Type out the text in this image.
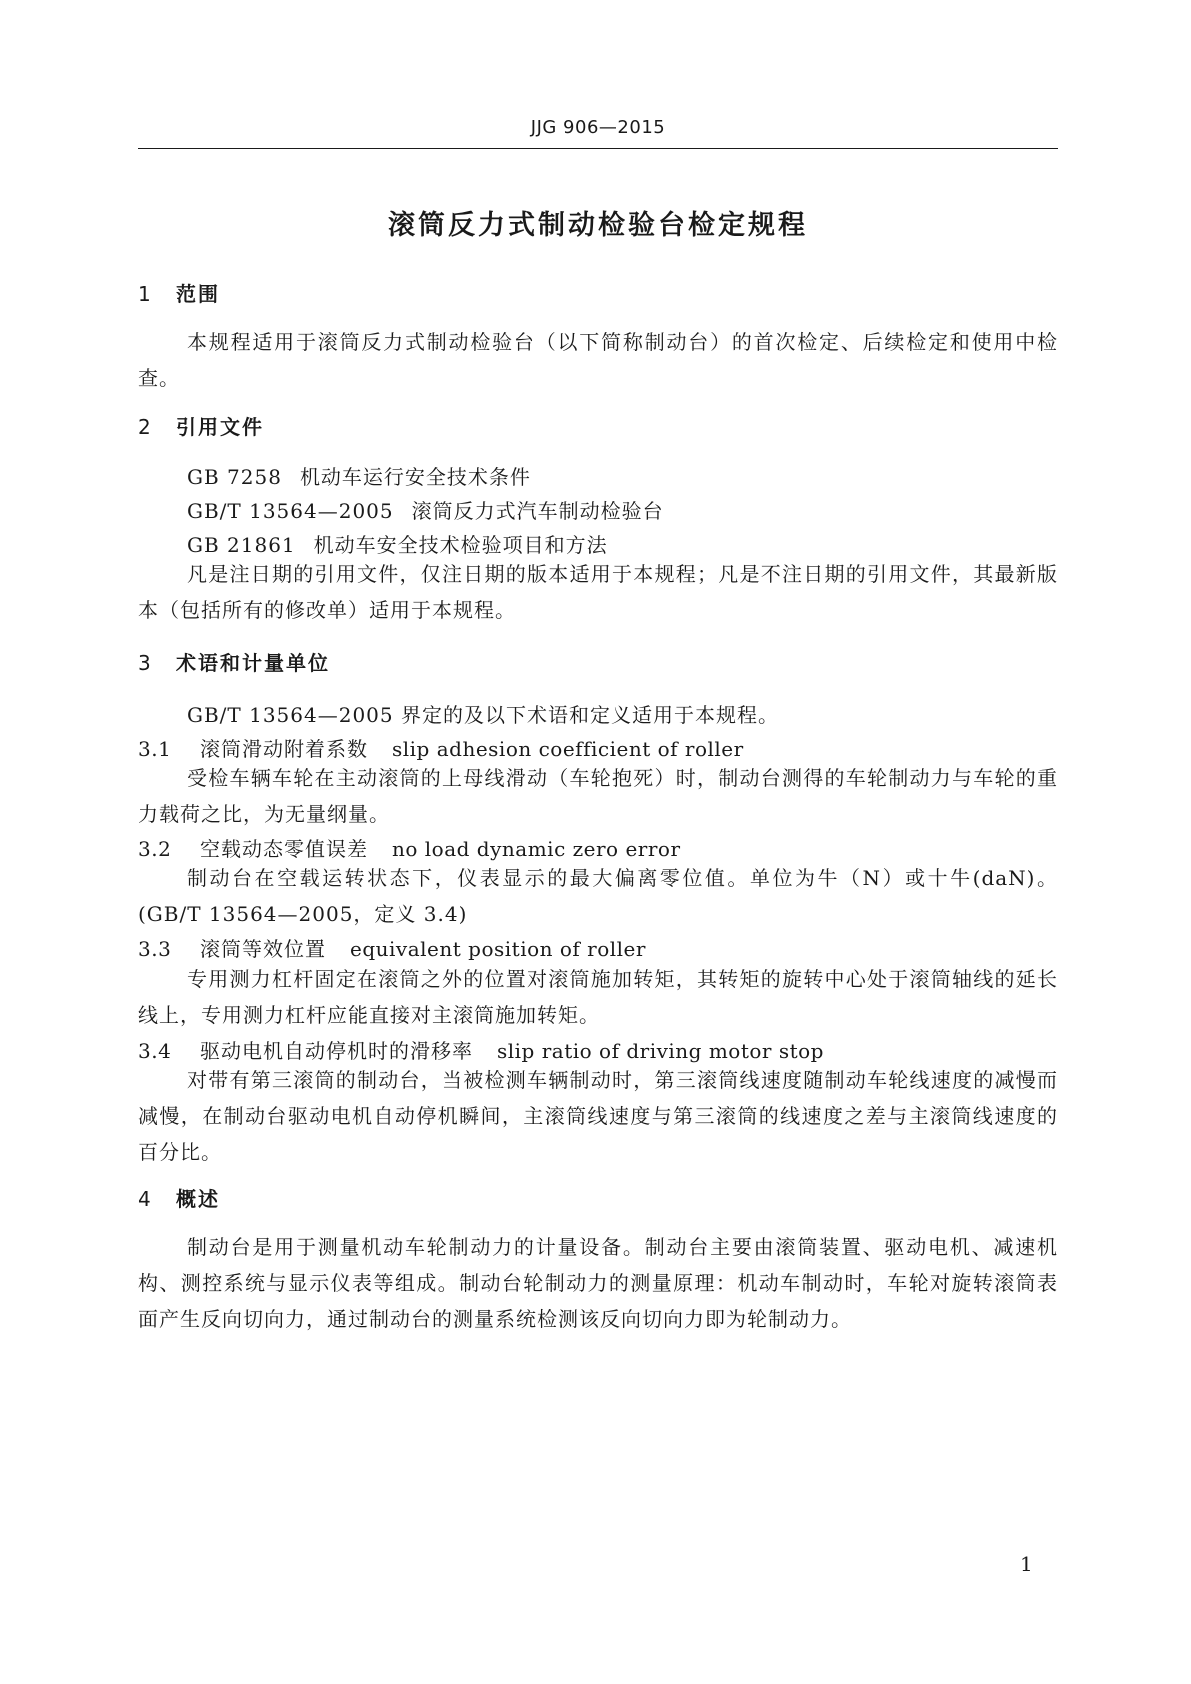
JJG 906—2015
滚筒反力式制动检验台检定规程
1 范围

本规程适用于滚筒反力式制动检验台（以下简称制动台）的首次检定、后续检定和使用中检查。

2 引用文件
GB 7258 机动车运行安全技术条件
GB/T 13564—2005 滚筒反力式汽车制动检验台
GB 21861 机动车安全技术检验项目和方法

凡是注日期的引用文件，仅注日期的版本适用于本规程；凡是不注日期的引用文件，其最新版本（包括所有的修改单）适用于本规程。

3 术语和计量单位
GB/T 13564—2005 界定的及以下术语和定义适用于本规程。
3.1 滚筒滑动附着系数 slip adhesion coefficient of roller

受检车辆车轮在主动滚筒的上母线滑动（车轮抱死）时，制动台测得的车轮制动力与车轮的重力载荷之比，为无量纲量。

3.2 空载动态零值误差 no load dynamic zero error

制动台在空载运转状态下，仪表显示的最大偏离零位值。单位为牛（N）或十牛(daN)。(GB/T 13564—2005，定义 3.4)

3.3 滚筒等效位置 equivalent position of roller

专用测力杠杆固定在滚筒之外的位置对滚筒施加转矩，其转矩的旋转中心处于滚筒轴线的延长线上，专用测力杠杆应能直接对主滚筒施加转矩。

3.4 驱动电机自动停机时的滑移率 slip ratio of driving motor stop

对带有第三滚筒的制动台，当被检测车辆制动时，第三滚筒线速度随制动车轮线速度的减慢而减慢，在制动台驱动电机自动停机瞬间，主滚筒线速度与第三滚筒的线速度之差与主滚筒线速度的百分比。

4 概述

制动台是用于测量机动车轮制动力的计量设备。制动台主要由滚筒装置、驱动电机、减速机构、测控系统与显示仪表等组成。制动台轮制动力的测量原理：机动车制动时，车轮对旋转滚筒表面产生反向切向力，通过制动台的测量系统检测该反向切向力即为轮制动力。

1
